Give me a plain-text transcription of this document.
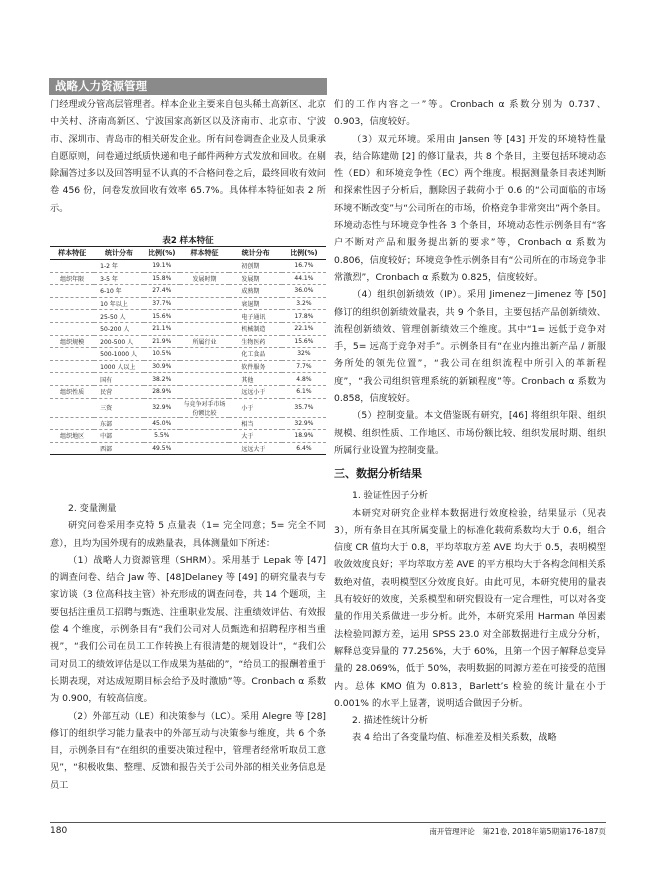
战略人力资源管理

门经理或分管高层管理者。样本企业主要来自包头稀土高新区、北京中关村、济南高新区、宁波国家高新区以及济南市、北京市、宁波市、深圳市、青岛市的相关研发企业。所有问卷调查企业及人员秉承自愿原则，问卷通过纸质快递和电子邮件两种方式发放和回收。在剔除漏答过多以及回答明显不认真的不合格问卷之后，最终回收有效问卷 456 份，问卷发放回收有效率 65.7%。具体样本特征如表 2 所示。

表2 样本特征
样本特征	统计分布	比例(%)	样本特征	统计分布	比例(%)
	1-2 年	19.1%		初创期	16.7%
组织年限	3-5 年	15.8%	发展时期	发展期	44.1%
	6-10 年	27.4%		成熟期	36.0%
	10 年以上	37.7%		衰退期	3.2%
	25-50 人	15.6%		电子通讯	17.8%
	50-200 人	21.1%		机械制造	22.1%
组织规模	200-500 人	21.9%	所属行业	生物医药	15.6%
	500-1000 人	10.5%		化工食品	32%
	1000 人以上	30.9%		软件服务	7.7%
	国有	38.2%		其他	4.8%
组织性质	民营	28.9%		远远小于	6.1%
	三资	32.9%	与竞争对手市场份额比较	小于	35.7%
	东部	45.0%		相当	32.9%
组织地区	中部	5.5%		大于	18.9%
	西部	49.5%		远远大于	6.4%

2. 变量测量

研究问卷采用李克特 5 点量表（1= 完全同意；5= 完全不同意），且均为国外现有的成熟量表，具体测量如下所述：

（1）战略人力资源管理（SHRM）。采用基于 Lepak 等 [47] 的调查问卷、结合 Jaw 等、[48]Delaney 等 [49] 的研究量表与专家访谈（3 位高科技主管）补充形成的调查问卷，共 14 个题项，主要包括注重员工招聘与甄选、注重职业发展、注重绩效评估、有效报偿 4 个维度，示例条目有“我们公司对人员甄选和招聘程序相当重视”，“我们公司在员工工作转换上有很清楚的规划设计”，“我们公司对员工的绩效评估是以工作成果为基础的”，“给员工的报酬着重于长期表现，对达成短期目标会给予及时激励”等。Cronbach α 系数为 0.900，有较高信度。

（2）外部互动（LE）和决策参与（LC）。采用 Alegre 等 [28] 修订的组织学习能力量表中的外部互动与决策参与维度，共 6 个条目，示例条目有“在组织的重要决策过程中，管理者经常听取员工意见”，“积极收集、整理、反馈和报告关于公司外部的相关业务信息是员工

们的工作内容之一”等。Cronbach α 系数分别为 0.737、0.903，信度较好。

（3）双元环境。采用由 Jansen 等 [43] 开发的环境特性量表，结合陈建勋 [2] 的修订量表，共 8 个条目，主要包括环境动态性（ED）和环境竞争性（EC）两个维度。根据测量条目表述判断和探索性因子分析后，删除因子载荷小于 0.6 的“公司面临的市场环境不断改变”与“公司所在的市场，价格竞争非常突出”两个条目。环境动态性与环境竞争性各 3 个条目，环境动态性示例条目有“客户不断对产品和服务提出新的要求”等，Cronbach α 系数为 0.806，信度较好；环境竞争性示例条目有“公司所在的市场竞争非常激烈”，Cronbach α 系数为 0.825，信度较好。

（4）组织创新绩效（IP）。采用 Jimenez－Jimenez 等 [50] 修订的组织创新绩效量表，共 9 个条目，主要包括产品创新绩效、流程创新绩效、管理创新绩效三个维度。其中“1= 远低于竞争对手，5= 远高于竞争对手”。示例条目有“在业内推出新产品 / 新服务所处的领先位置”，“我公司在组织流程中所引入的革新程度”，“我公司组织管理系统的新颖程度”等。Cronbach α 系数为 0.858，信度较好。

（5）控制变量。本文借鉴既有研究，[46] 将组织年限、组织规模、组织性质、工作地区、市场份额比较、组织发展时期、组织所属行业设置为控制变量。

三、数据分析结果

1. 验证性因子分析

本研究对研究企业样本数据进行效度检验，结果显示（见表 3），所有条目在其所属变量上的标准化载荷系数均大于 0.6，组合信度 CR 值均大于 0.8，平均萃取方差 AVE 均大于 0.5，表明模型收敛效度良好；平均萃取方差 AVE 的平方根均大于各构念间相关系数绝对值，表明模型区分效度良好。由此可见，本研究使用的量表具有较好的效度，关系模型和研究假设有一定合理性，可以对各变量的作用关系做进一步分析。此外，本研究采用 Harman 单因素法检验同源方差，运用 SPSS 23.0 对全部数据进行主成分分析，解释总变异量的 77.256%，大于 60%，且第一个因子解释总变异量的 28.069%，低于 50%，表明数据的同源方差在可接受的范围内。总体 KMO 值为 0.813，Barlett’s 检验的统计量在小于 0.001% 的水平上显著，说明适合做因子分析。

2. 描述性统计分析

表 4 给出了各变量均值、标准差及相关系数，战略

180	南开管理评论　第21卷, 2018年第5期第176-187页
